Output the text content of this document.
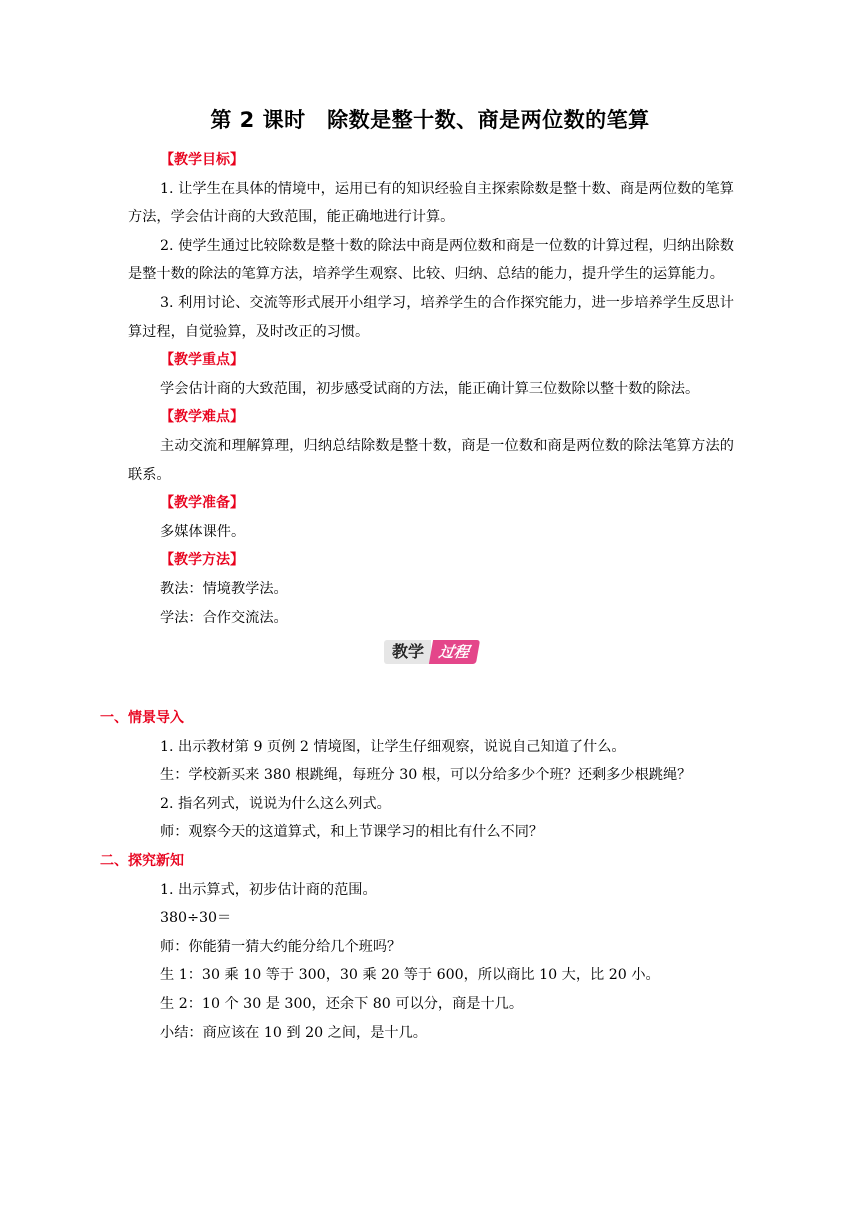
第 2 课时　除数是整十数、商是两位数的笔算

【教学目标】

1. 让学生在具体的情境中，运用已有的知识经验自主探索除数是整十数、商是两位数的笔算方法，学会估计商的大致范围，能正确地进行计算。

2. 使学生通过比较除数是整十数的除法中商是两位数和商是一位数的计算过程，归纳出除数是整十数的除法的笔算方法，培养学生观察、比较、归纳、总结的能力，提升学生的运算能力。

3. 利用讨论、交流等形式展开小组学习，培养学生的合作探究能力，进一步培养学生反思计算过程，自觉验算，及时改正的习惯。

【教学重点】

学会估计商的大致范围，初步感受试商的方法，能正确计算三位数除以整十数的除法。

【教学难点】

主动交流和理解算理，归纳总结除数是整十数，商是一位数和商是两位数的除法笔算方法的联系。

【教学准备】

多媒体课件。

【教学方法】

教法：情境教学法。

学法：合作交流法。

教学 过程

一、情景导入

1. 出示教材第 9 页例 2 情境图，让学生仔细观察，说说自己知道了什么。

生：学校新买来 380 根跳绳，每班分 30 根，可以分给多少个班？还剩多少根跳绳？

2. 指名列式，说说为什么这么列式。

师：观察今天的这道算式，和上节课学习的相比有什么不同？

二、探究新知

1. 出示算式，初步估计商的范围。

380÷30＝

师：你能猜一猜大约能分给几个班吗？

生 1：30 乘 10 等于 300，30 乘 20 等于 600，所以商比 10 大，比 20 小。

生 2：10 个 30 是 300，还余下 80 可以分，商是十几。

小结：商应该在 10 到 20 之间，是十几。
